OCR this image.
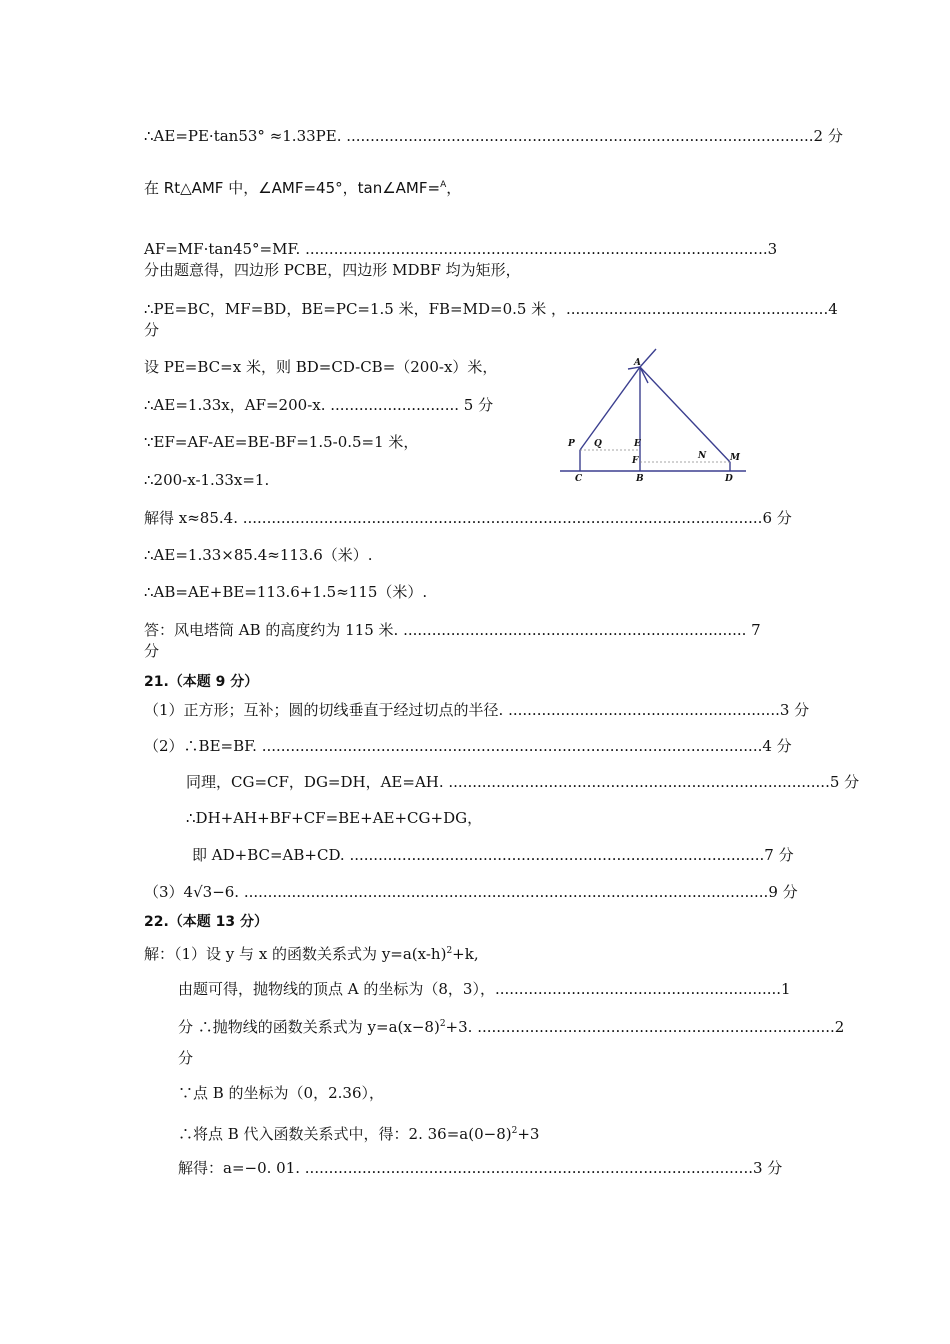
∴AE=PE·tan53° ≈1.33PE. ..................................................................................................2 分
在 Rt△AMF 中，∠AMF=45°，tan∠AMF=$^A$，
AF=MF·tan45°=MF. .................................................................................................3
分由题意得，四边形 PCBE，四边形 MDBF 均为矩形，
∴PE=BC，MF=BD，BE=PC=1.5 米，FB=MD=0.5 米 ，.......................................................4
分
设 PE=BC=x 米，则 BD=CD-CB=（200-x）米，
∴AE=1.33x，AF=200-x. ........................... 5 分
∵EF=AF-AE=BE-BF=1.5-0.5=1 米，
∴200-x-1.33x=1.
解得 x≈85.4. .............................................................................................................6 分
∴AE=1.33×85.4≈113.6（米）.
∴AB=AE+BE=113.6+1.5≈115（米）.
答：风电塔筒 AB 的高度约为 115 米. ........................................................................ 7
分
21.（本题 9 分）
（1）正方形；互补；圆的切线垂直于经过切点的半径. .........................................................3 分
（2）∴BE=BF. .........................................................................................................4 分
同理，CG=CF，DG=DH，AE=AH. ................................................................................5 分
∴DH+AH+BF+CF=BE+AE+CG+DG，
即 AD+BC=AB+CD. .......................................................................................7 分
（3）4√3−6. ..............................................................................................................9 分
22.（本题 13 分）
解：（1）设 y 与 x 的函数关系式为 $y=a(x-h)^2+k$,
由题可得，抛物线的顶点 A 的坐标为（8，3），............................................................1
分 ∴抛物线的函数关系式为 $y=a(x-8)^2+3$. ...........................................................................2
分
∵点 B 的坐标为（0，2.36），
∴将点 B 代入函数关系式中，得：2. $36=a(0-8)^2+3$
解得：a=−0. 01. ..............................................................................................3 分
A
P Q	E
F	N	M
C	B	D
